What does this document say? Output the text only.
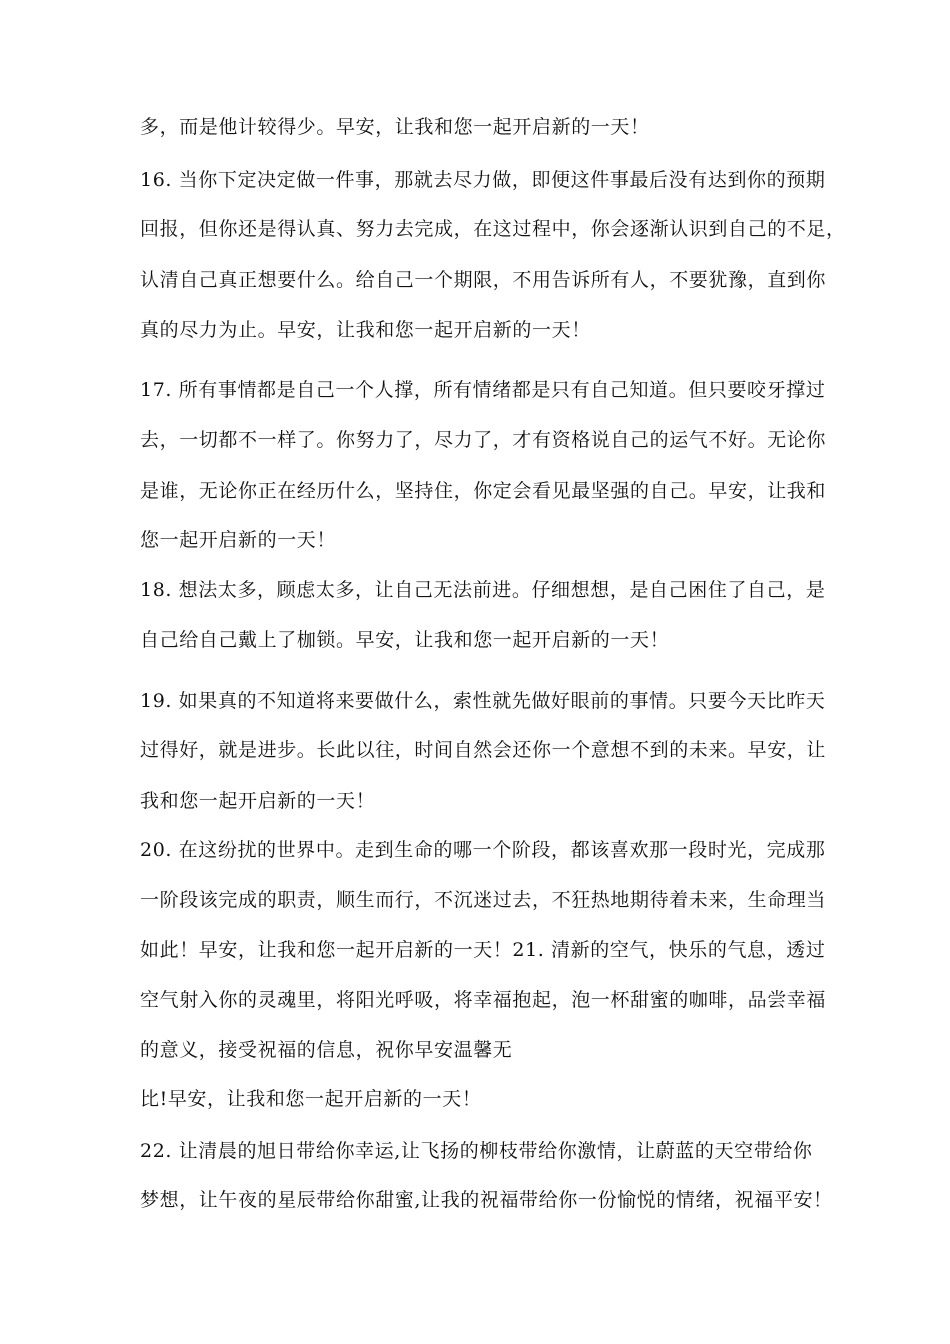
多，而是他计较得少。早安，让我和您一起开启新的一天！
16. 当你下定决定做一件事，那就去尽力做，即便这件事最后没有达到你的预期
回报，但你还是得认真、努力去完成，在这过程中，你会逐渐认识到自己的不足，
认清自己真正想要什么。给自己一个期限，不用告诉所有人，不要犹豫，直到你
真的尽力为止。早安，让我和您一起开启新的一天！
17. 所有事情都是自己一个人撑，所有情绪都是只有自己知道。但只要咬牙撑过
去，一切都不一样了。你努力了，尽力了，才有资格说自己的运气不好。无论你
是谁，无论你正在经历什么，坚持住，你定会看见最坚强的自己。早安，让我和
您一起开启新的一天！
18. 想法太多，顾虑太多，让自己无法前进。仔细想想，是自己困住了自己，是
自己给自己戴上了枷锁。早安，让我和您一起开启新的一天！
19. 如果真的不知道将来要做什么，索性就先做好眼前的事情。只要今天比昨天
过得好，就是进步。长此以往，时间自然会还你一个意想不到的未来。早安，让
我和您一起开启新的一天！
20. 在这纷扰的世界中。走到生命的哪一个阶段，都该喜欢那一段时光，完成那
一阶段该完成的职责，顺生而行，不沉迷过去，不狂热地期待着未来，生命理当
如此！早安，让我和您一起开启新的一天！21. 清新的空气，快乐的气息，透过
空气射入你的灵魂里，将阳光呼吸，将幸福抱起，泡一杯甜蜜的咖啡，品尝幸福
的意义，接受祝福的信息，祝你早安温馨无
比!早安，让我和您一起开启新的一天！
22. 让清晨的旭日带给你幸运,让飞扬的柳枝带给你激情，让蔚蓝的天空带给你
梦想，让午夜的星辰带给你甜蜜,让我的祝福带给你一份愉悦的情绪，祝福平安！
